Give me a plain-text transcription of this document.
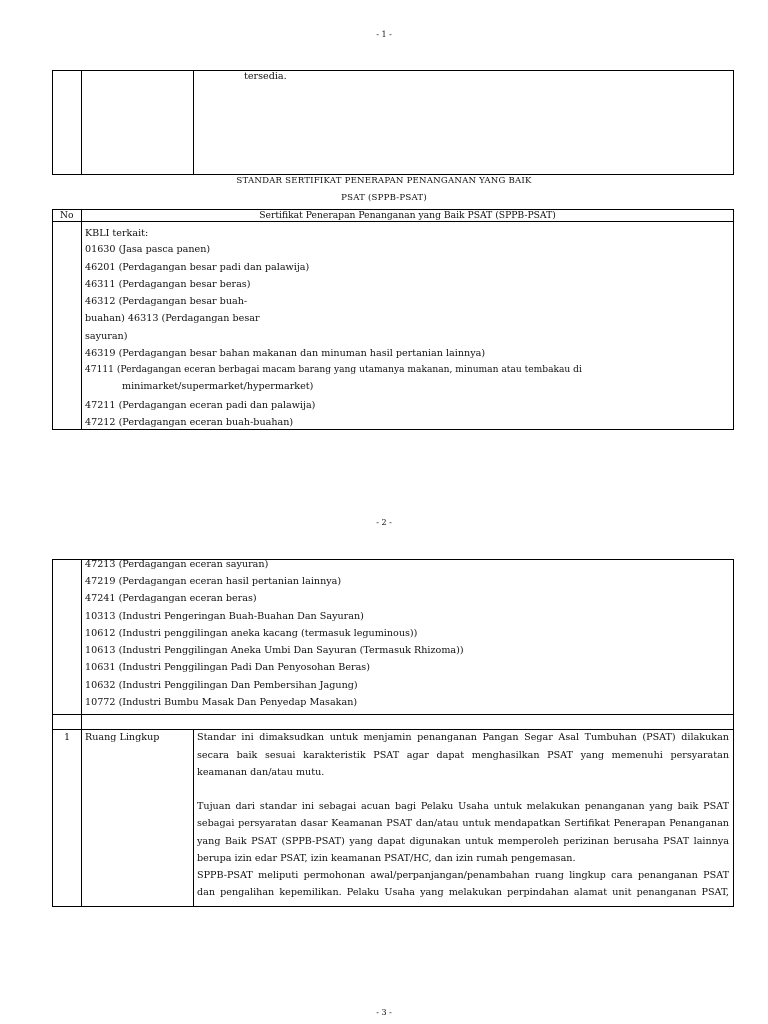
- 1 -
tersedia.
STANDAR SERTIFIKAT PENERAPAN PENANGANAN YANG BAIK
PSAT (SPPB-PSAT)
No	Sertifikat Penerapan Penanganan yang Baik PSAT (SPPB-PSAT)
KBLI terkait:
01630 (Jasa pasca panen)
46201 (Perdagangan besar padi dan palawija)
46311 (Perdagangan besar beras)
46312 (Perdagangan besar buah-
buahan) 46313 (Perdagangan besar
sayuran)
46319 (Perdagangan besar bahan makanan dan minuman hasil pertanian lainnya)
47111 (Perdagangan eceran berbagai macam barang yang utamanya makanan, minuman atau tembakau di
minimarket/supermarket/hypermarket)
47211 (Perdagangan eceran padi dan palawija)
47212 (Perdagangan eceran buah-buahan)
- 2 -
47213 (Perdagangan eceran sayuran)
47219 (Perdagangan eceran hasil pertanian lainnya)
47241 (Perdagangan eceran beras)
10313 (Industri Pengeringan Buah-Buahan Dan Sayuran)
10612 (Industri penggilingan aneka kacang (termasuk leguminous))
10613 (Industri Penggilingan Aneka Umbi Dan Sayuran (Termasuk Rhizoma))
10631 (Industri Penggilingan Padi Dan Penyosohan Beras)
10632 (Industri Penggilingan Dan Pembersihan Jagung)
10772 (Industri Bumbu Masak Dan Penyedap Masakan)
1 Ruang Lingkup	Standar ini dimaksudkan untuk menjamin penanganan Pangan Segar Asal Tumbuhan (PSAT) dilakukan
secara baik sesuai karakteristik PSAT agar dapat menghasilkan PSAT yang memenuhi persyaratan
keamanan dan/atau mutu.
Tujuan dari standar ini sebagai acuan bagi Pelaku Usaha untuk melakukan penanganan yang baik PSAT
sebagai persyaratan dasar Keamanan PSAT dan/atau untuk mendapatkan Sertifikat Penerapan Penanganan
yang Baik PSAT (SPPB-PSAT) yang dapat digunakan untuk memperoleh perizinan berusaha PSAT lainnya
berupa izin edar PSAT, izin keamanan PSAT/HC, dan izin rumah pengemasan.
SPPB-PSAT meliputi permohonan awal/perpanjangan/penambahan ruang lingkup cara penanganan PSAT
dan pengalihan kepemilikan. Pelaku Usaha yang melakukan perpindahan alamat unit penanganan PSAT,
- 3 -
